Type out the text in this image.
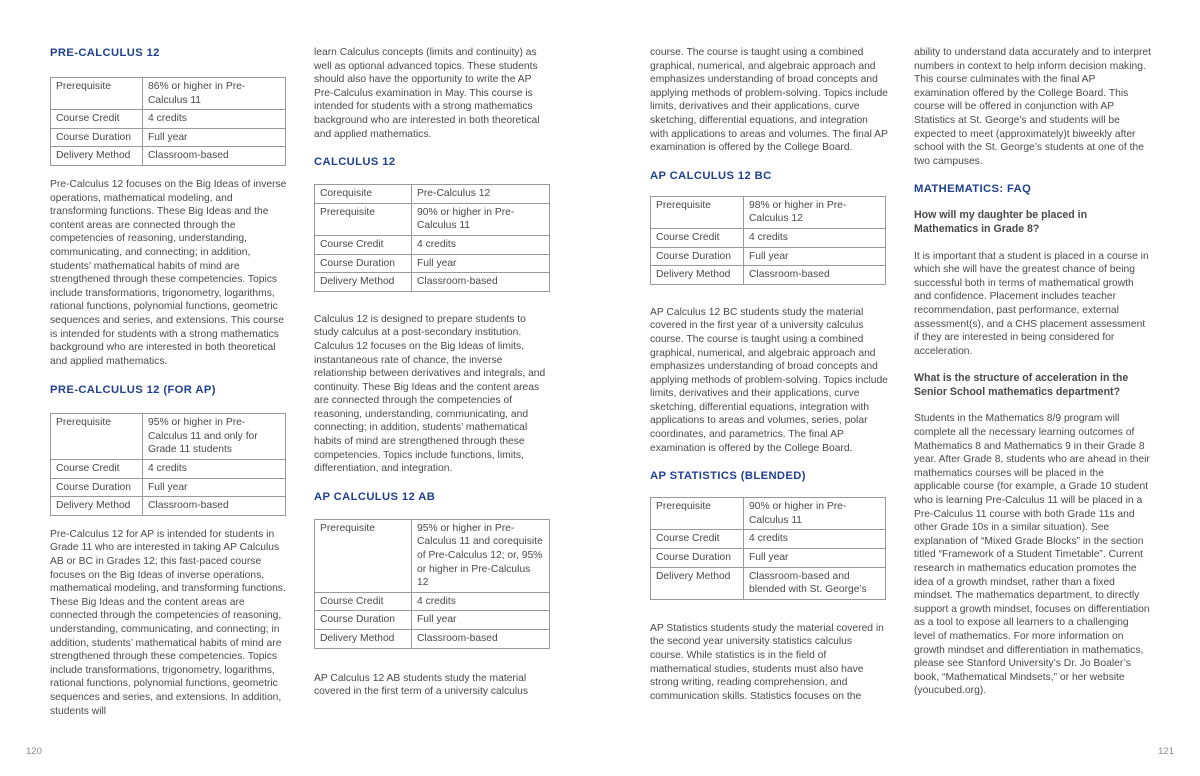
PRE-CALCULUS 12
Prerequisite	86% or higher in Pre-Calculus 11
Course Credit	4 credits
Course Duration	Full year
Delivery Method	Classroom-based

Pre-Calculus 12 focuses on the Big Ideas of inverse operations, mathematical modeling, and transforming functions. These Big Ideas and the content areas are connected through the competencies of reasoning, understanding, communicating, and connecting; in addition, students’ mathematical habits of mind are strengthened through these competencies. Topics include transformations, trigonometry, logarithms, rational functions, polynomial functions, geometric sequences and series, and extensions. This course is intended for students with a strong mathematics background who are interested in both theoretical and applied mathematics.

PRE-CALCULUS 12 (FOR AP)
Prerequisite	95% or higher in Pre-Calculus 11 and only for Grade 11 students
Course Credit	4 credits
Course Duration	Full year
Delivery Method	Classroom-based

Pre-Calculus 12 for AP is intended for students in Grade 11 who are interested in taking AP Calculus AB or BC in Grades 12; this fast-paced course focuses on the Big Ideas of inverse operations, mathematical modeling, and transforming functions. These Big Ideas and the content areas are connected through the competencies of reasoning, understanding, communicating, and connecting; in addition, students’ mathematical habits of mind are strengthened through these competencies. Topics include transformations, trigonometry, logarithms, rational functions, polynomial functions, geometric sequences and series, and extensions. In addition, students will

learn Calculus concepts (limits and continuity) as well as optional advanced topics. These students should also have the opportunity to write the AP Pre-Calculus examination in May. This course is intended for students with a strong mathematics background who are interested in both theoretical and applied mathematics.

CALCULUS 12
Corequisite	Pre-Calculus 12
Prerequisite	90% or higher in Pre-Calculus 11
Course Credit	4 credits
Course Duration	Full year
Delivery Method	Classroom-based

Calculus 12 is designed to prepare students to study calculus at a post-secondary institution. Calculus 12 focuses on the Big Ideas of limits, instantaneous rate of chance, the inverse relationship between derivatives and integrals, and continuity. These Big Ideas and the content areas are connected through the competencies of reasoning, understanding, communicating, and connecting; in addition, students’ mathematical habits of mind are strengthened through these competencies. Topics include functions, limits, differentiation, and integration.

AP CALCULUS 12 AB
Prerequisite	95% or higher in Pre-Calculus 11 and corequisite of Pre-Calculus 12; or, 95% or higher in Pre-Calculus 12
Course Credit	4 credits
Course Duration	Full year
Delivery Method	Classroom-based

AP Calculus 12 AB students study the material covered in the first term of a university calculus

course. The course is taught using a combined graphical, numerical, and algebraic approach and emphasizes understanding of broad concepts and applying methods of problem-solving. Topics include limits, derivatives and their applications, curve sketching, differential equations, and integration with applications to areas and volumes. The final AP examination is offered by the College Board.

AP CALCULUS 12 BC
Prerequisite	98% or higher in Pre-Calculus 12
Course Credit	4 credits
Course Duration	Full year
Delivery Method	Classroom-based

AP Calculus 12 BC students study the material covered in the first year of a university calculus course. The course is taught using a combined graphical, numerical, and algebraic approach and emphasizes understanding of broad concepts and applying methods of problem-solving. Topics include limits, derivatives and their applications, curve sketching, differential equations, integration with applications to areas and volumes, series, polar coordinates, and parametrics. The final AP examination is offered by the College Board.

AP STATISTICS (BLENDED)
Prerequisite	90% or higher in Pre-Calculus 11
Course Credit	4 credits
Course Duration	Full year
Delivery Method	Classroom-based and blended with St. George’s

AP Statistics students study the material covered in the second year university statistics calculus course. While statistics is in the field of mathematical studies, students must also have strong writing, reading comprehension, and communication skills. Statistics focuses on the

ability to understand data accurately and to interpret numbers in context to help inform decision making. This course culminates with the final AP examination offered by the College Board. This course will be offered in conjunction with AP Statistics at St. George’s and students will be expected to meet (approximately)t biweekly after school with the St. George’s students at one of the two campuses.

MATHEMATICS: FAQ
How will my daughter be placed in Mathematics in Grade 8?

It is important that a student is placed in a course in which she will have the greatest chance of being successful both in terms of mathematical growth and confidence. Placement includes teacher recommendation, past performance, external assessment(s), and a CHS placement assessment if they are interested in being considered for acceleration.

What is the structure of acceleration in the Senior School mathematics department?

Students in the Mathematics 8/9 program will complete all the necessary learning outcomes of Mathematics 8 and Mathematics 9 in their Grade 8 year. After Grade 8, students who are ahead in their mathematics courses will be placed in the applicable course (for example, a Grade 10 student who is learning Pre-Calculus 11 will be placed in a Pre-Calculus 11 course with both Grade 11s and other Grade 10s in a similar situation). See explanation of “Mixed Grade Blocks” in the section titled “Framework of a Student Timetable”. Current research in mathematics education promotes the idea of a growth mindset, rather than a fixed mindset. The mathematics department, to directly support a growth mindset, focuses on differentiation as a tool to expose all learners to a challenging level of mathematics. For more information on growth mindset and differentiation in mathematics, please see Stanford University’s Dr. Jo Boaler’s book, “Mathematical Mindsets,” or her website (youcubed.org).

120	121
